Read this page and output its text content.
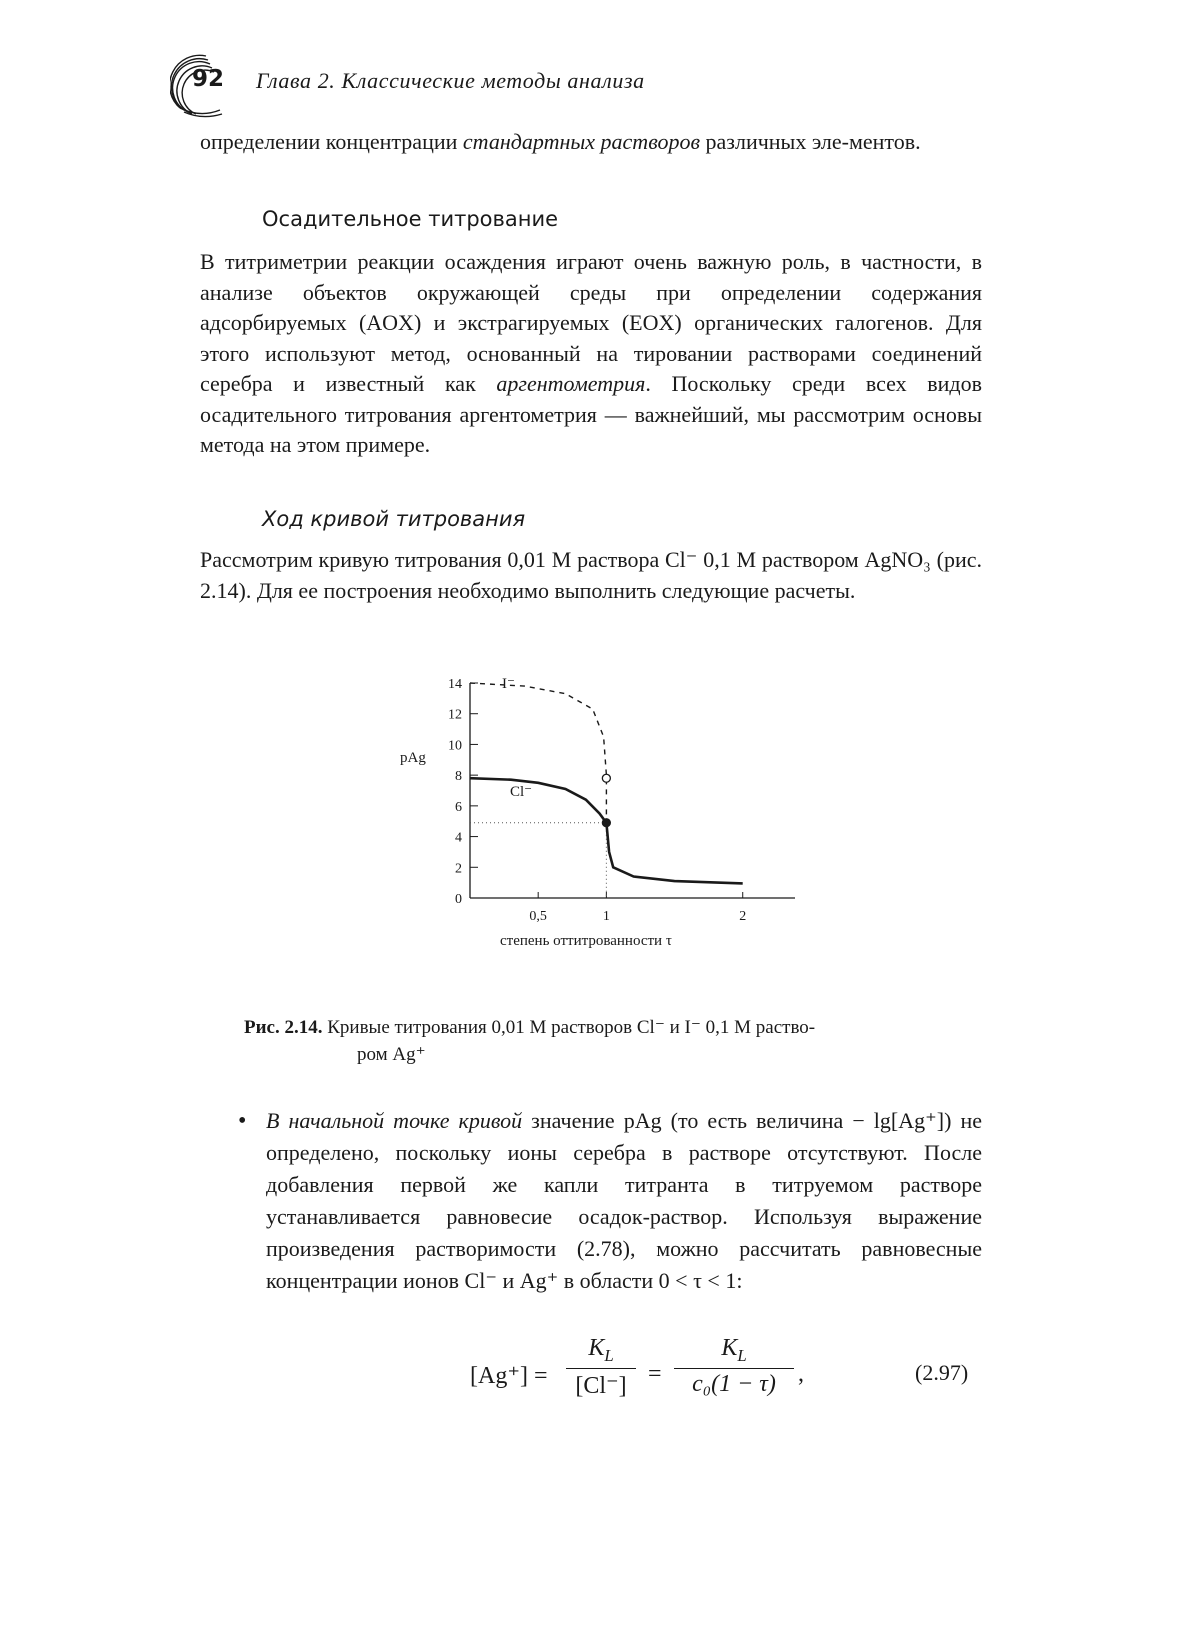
92 Глава 2. Классические методы анализа
определении концентрации стандартных растворов различных эле-ментов.
Осадительное титрование
В титриметрии реакции осаждения играют очень важную роль, в частности, в анализе объектов окружающей среды при определении содержания адсорбируемых (AOX) и экстрагируемых (EOX) органических галогенов. Для этого используют метод, основанный на тировании растворами соединений серебра и известный как аргентометрия. Поскольку среди всех видов осадительного титрования аргентометрия — важнейший, мы рассмотрим основы метода на этом примере.
Ход кривой титрования
Рассмотрим кривую титрования 0,01 M раствора Cl⁻ 0,1 M раствором AgNO₃ (рис. 2.14). Для ее построения необходимо выполнить следующие расчеты.
0
2
4
6
8
10
12
14
0,5	1	2
pAg
степень оттитрованности τ
I⁻
Cl⁻
Рис. 2.14. Кривые титрования 0,01 M растворов Cl⁻ и I⁻ 0,1 M раство-
ром Ag⁺
• В начальной точке кривой значение pAg (то есть величина − lg[Ag⁺]) не определено, поскольку ионы серебра в растворе отсутствуют. После добавления первой же капли титранта в титруемом растворе устанавливается равновесие осадок-раствор. Используя выражение произведения растворимости (2.78), можно рассчитать равновесные концентрации ионов Cl⁻ и Ag⁺ в области 0 < τ < 1:
[Ag⁺] =
$K_L$
[Cl⁻] =
$K_L$
c₀(1 − τ) ,	(2.97)
